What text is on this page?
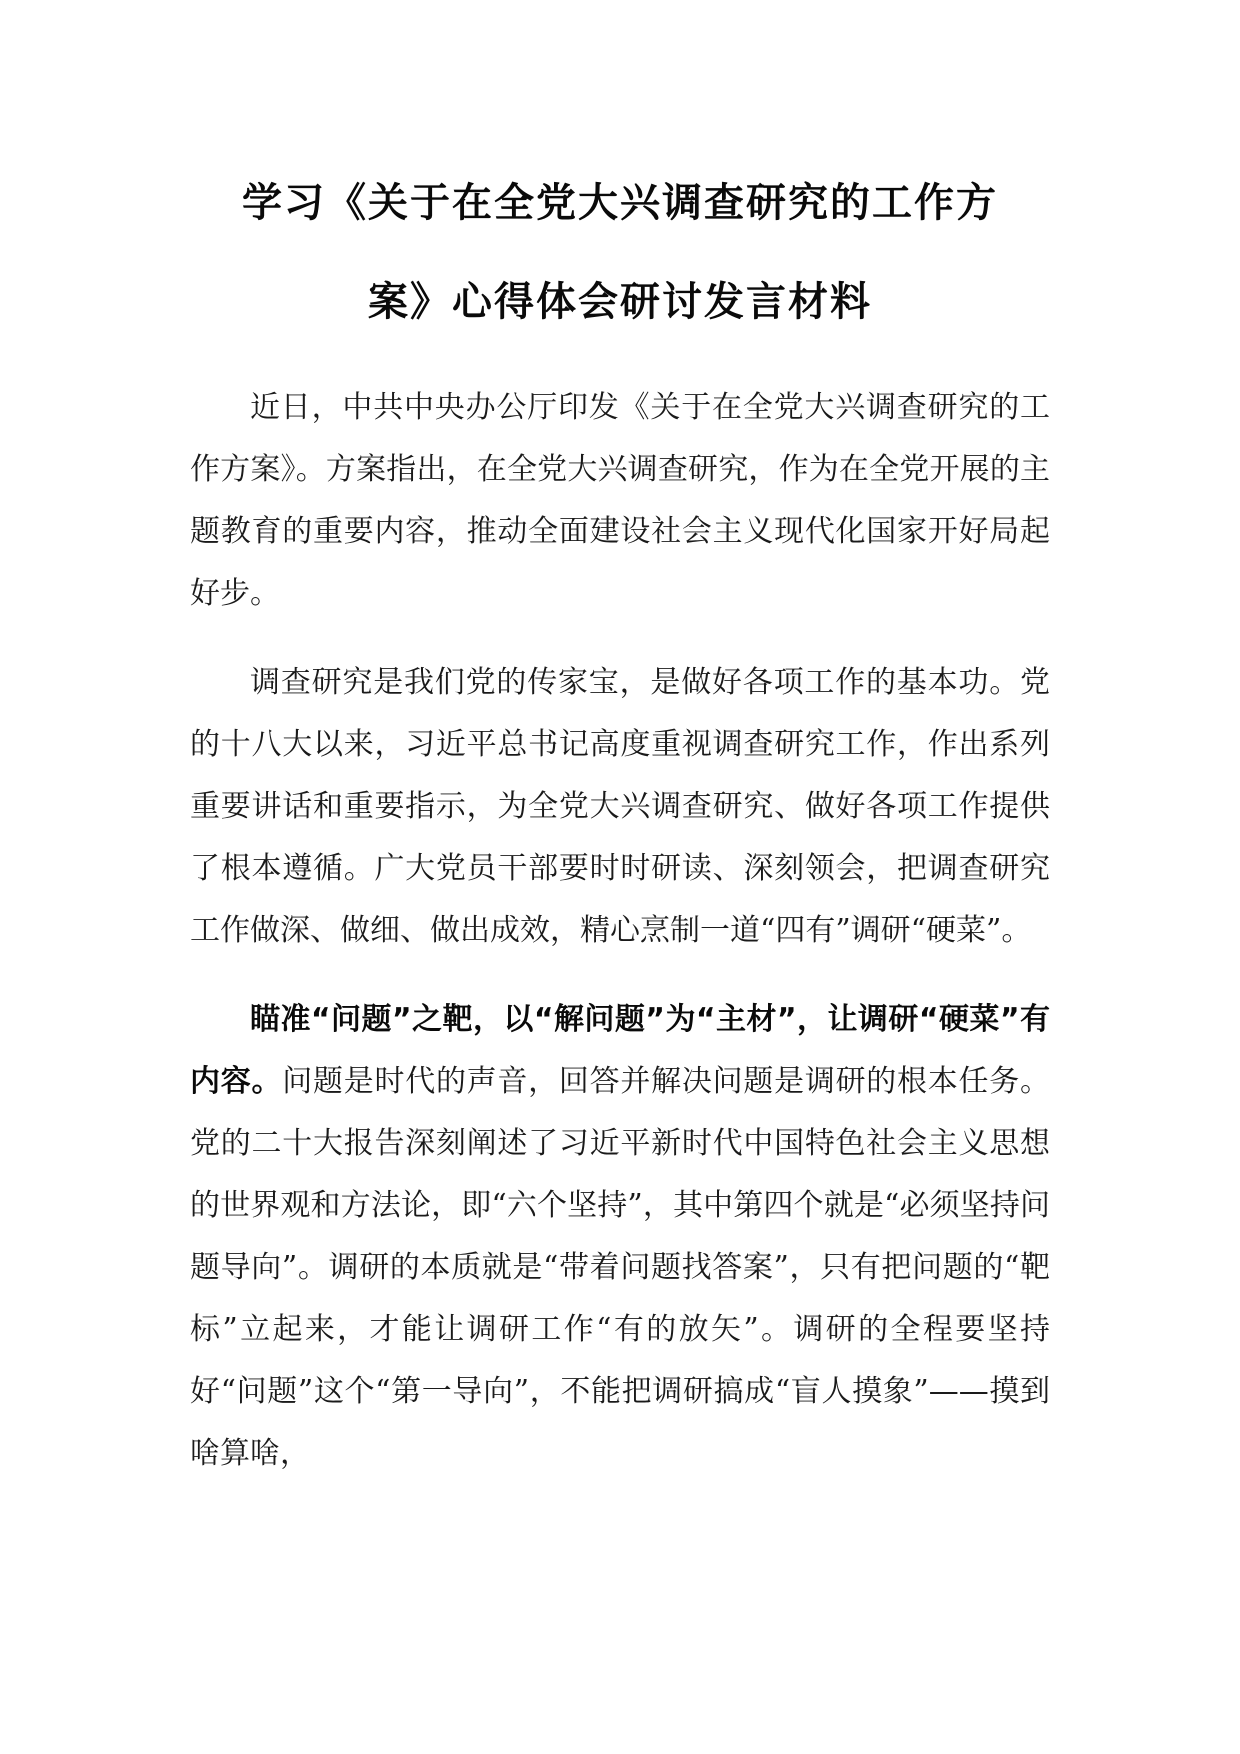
学习《关于在全党大兴调查研究的工作方
案》心得体会研讨发言材料

近日，中共中央办公厅印发《关于在全党大兴调查研究的工作方案》。方案指出，在全党大兴调查研究，作为在全党开展的主题教育的重要内容，推动全面建设社会主义现代化国家开好局起好步。

调查研究是我们党的传家宝，是做好各项工作的基本功。党的十八大以来，习近平总书记高度重视调查研究工作，作出系列重要讲话和重要指示，为全党大兴调查研究、做好各项工作提供了根本遵循。广大党员干部要时时研读、深刻领会，把调查研究工作做深、做细、做出成效，精心烹制一道“四有”调研“硬菜”。

瞄准“问题”之靶，以“解问题”为“主材”，让调研“硬菜”有内容。问题是时代的声音，回答并解决问题是调研的根本任务。党的二十大报告深刻阐述了习近平新时代中国特色社会主义思想的世界观和方法论，即“六个坚持”，其中第四个就是“必须坚持问题导向”。调研的本质就是“带着问题找答案”，只有把问题的“靶标”立起来，才能让调研工作“有的放矢”。调研的全程要坚持好“问题”这个“第一导向”，不能把调研搞成“盲人摸象”——摸到啥算啥，
